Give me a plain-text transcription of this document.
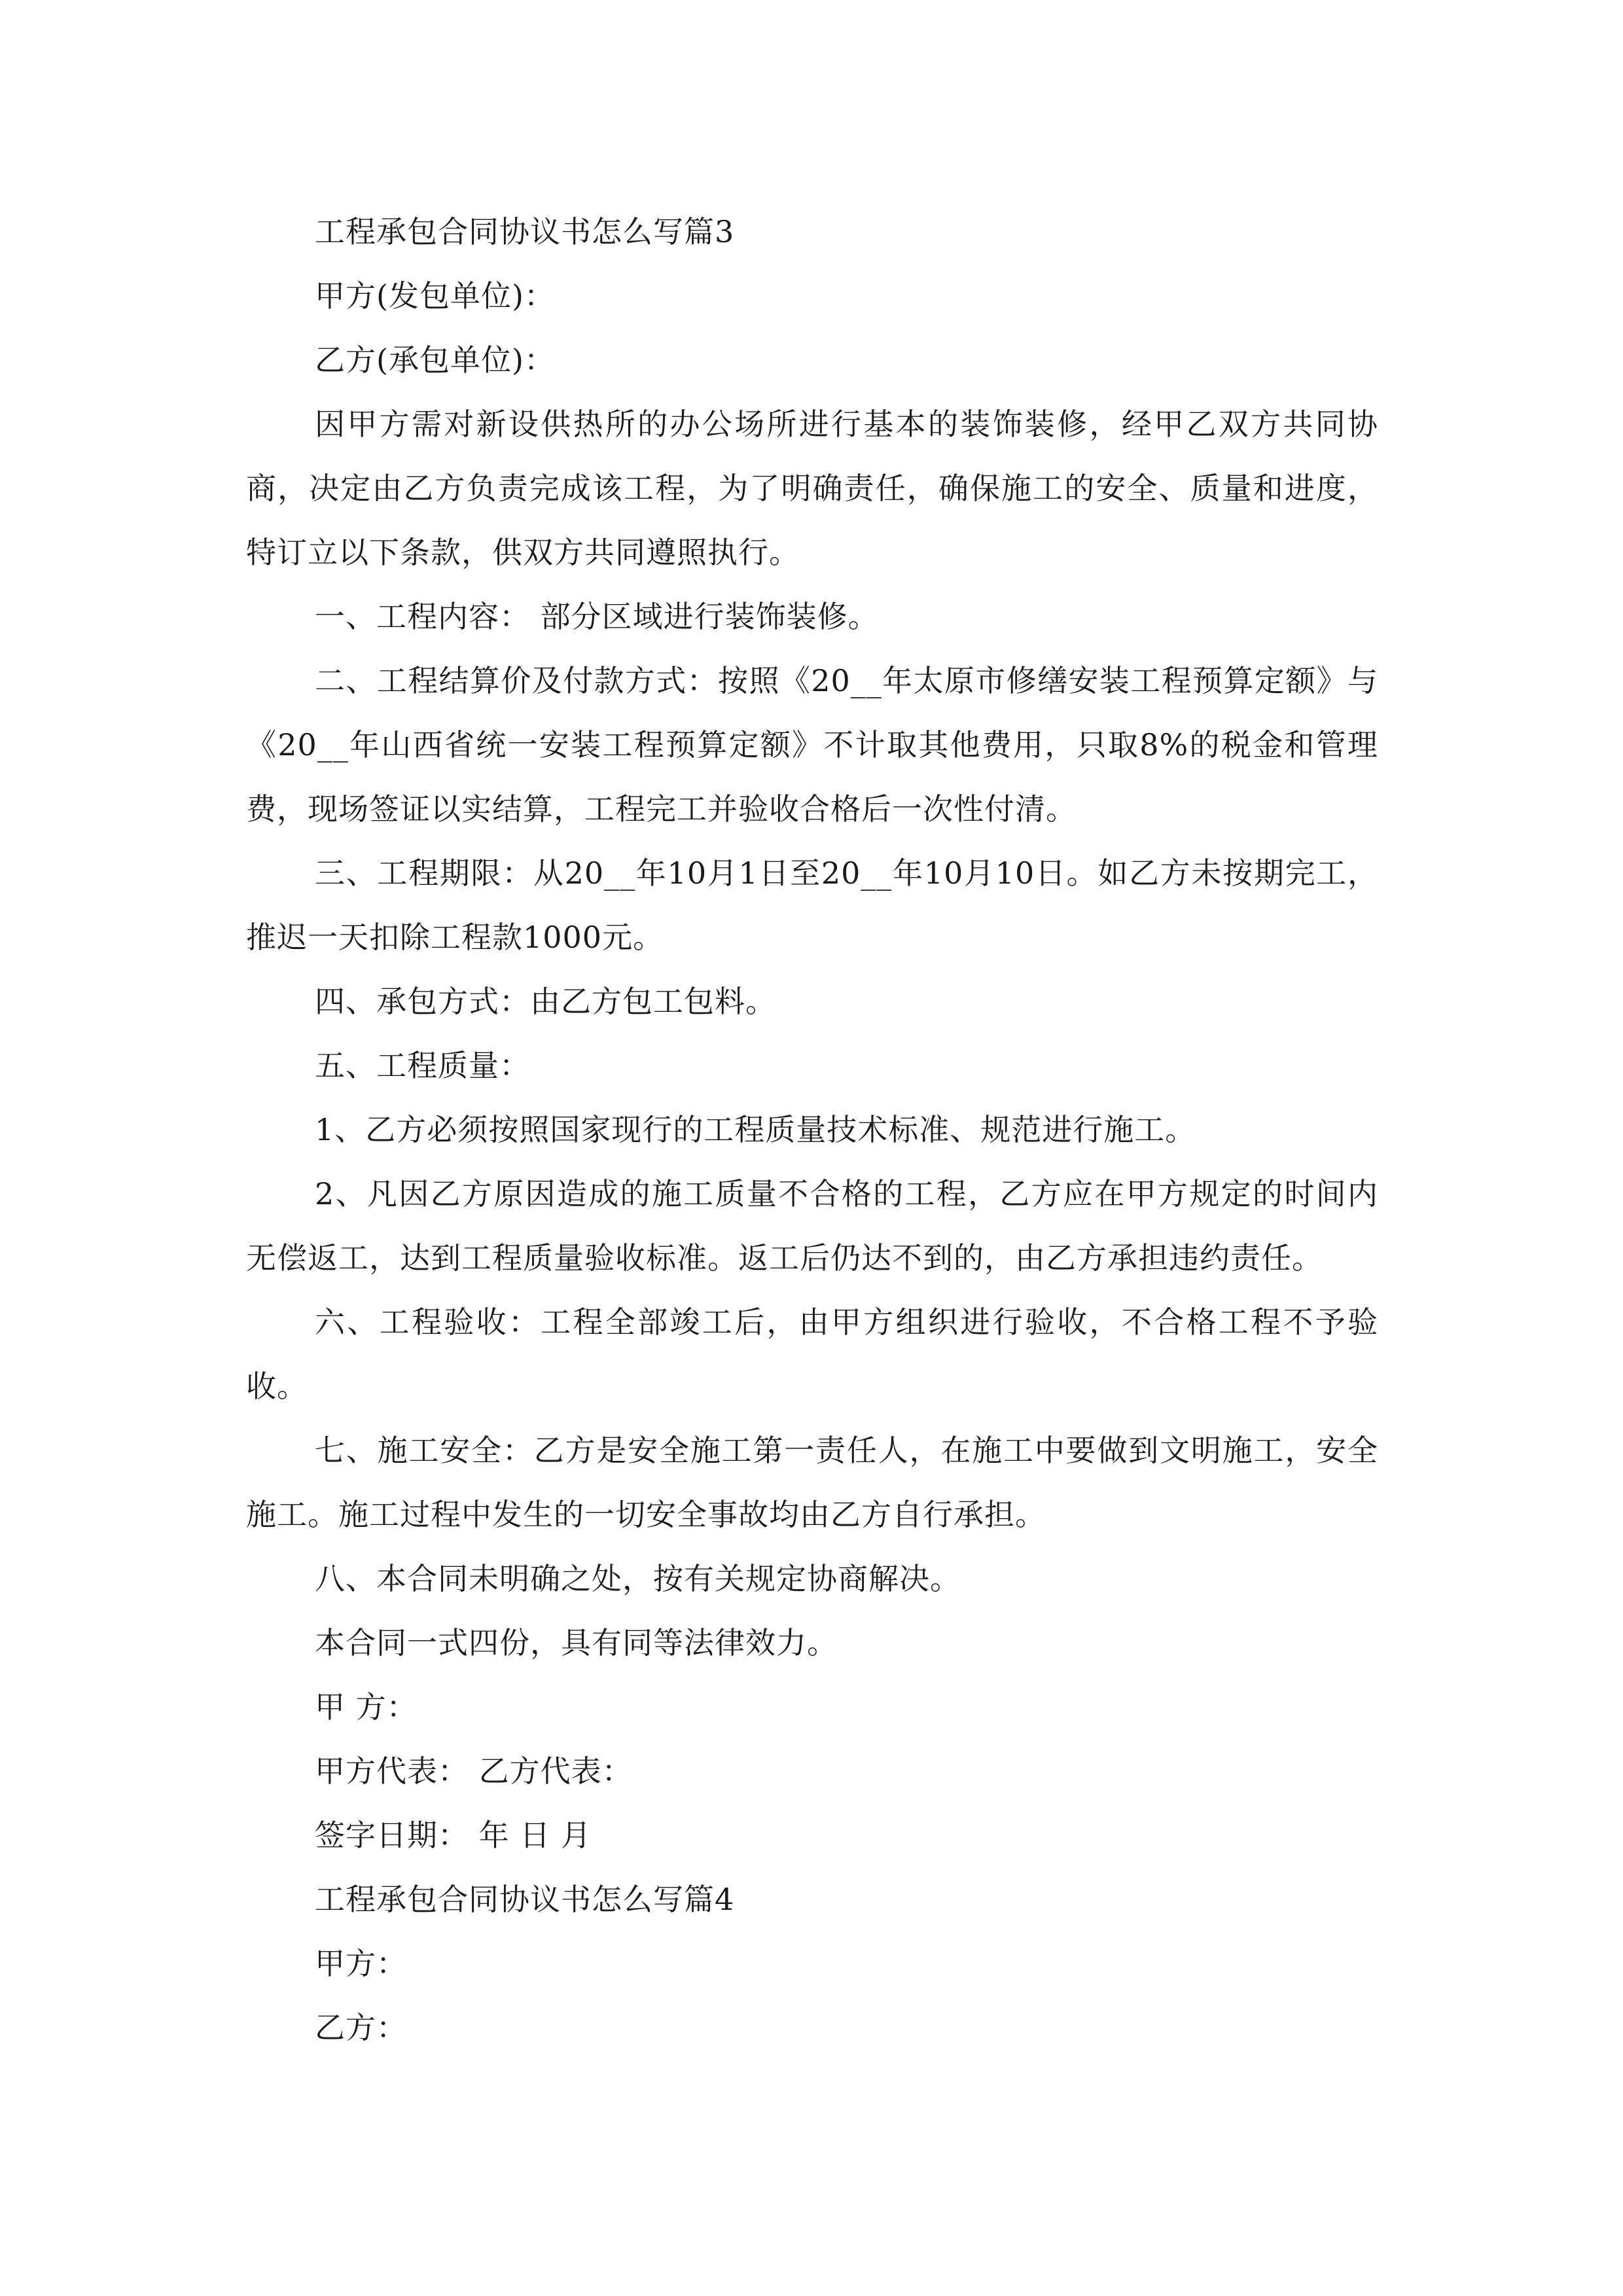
工程承包合同协议书怎么写篇3
甲方(发包单位)：
乙方(承包单位)：

因甲方需对新设供热所的办公场所进行基本的装饰装修，经甲乙双方共同协商，决定由乙方负责完成该工程，为了明确责任，确保施工的安全、质量和进度，特订立以下条款，供双方共同遵照执行。

一、工程内容： 部分区域进行装饰装修。

二、工程结算价及付款方式：按照《20__年太原市修缮安装工程预算定额》与《20__年山西省统一安装工程预算定额》不计取其他费用，只取8%的税金和管理费，现场签证以实结算，工程完工并验收合格后一次性付清。

三、工程期限：从20__年10月1日至20__年10月10日。如乙方未按期完工，推迟一天扣除工程款1000元。

四、承包方式：由乙方包工包料。
五、工程质量：
1、乙方必须按照国家现行的工程质量技术标准、规范进行施工。

2、凡因乙方原因造成的施工质量不合格的工程，乙方应在甲方规定的时间内无偿返工，达到工程质量验收标准。返工后仍达不到的，由乙方承担违约责任。

六、工程验收：工程全部竣工后，由甲方组织进行验收，不合格工程不予验收。

七、施工安全：乙方是安全施工第一责任人，在施工中要做到文明施工，安全施工。施工过程中发生的一切安全事故均由乙方自行承担。

八、本合同未明确之处，按有关规定协商解决。
本合同一式四份，具有同等法律效力。
甲 方：
甲方代表： 乙方代表：
签字日期： 年 日 月
工程承包合同协议书怎么写篇4
甲方：
乙方：
